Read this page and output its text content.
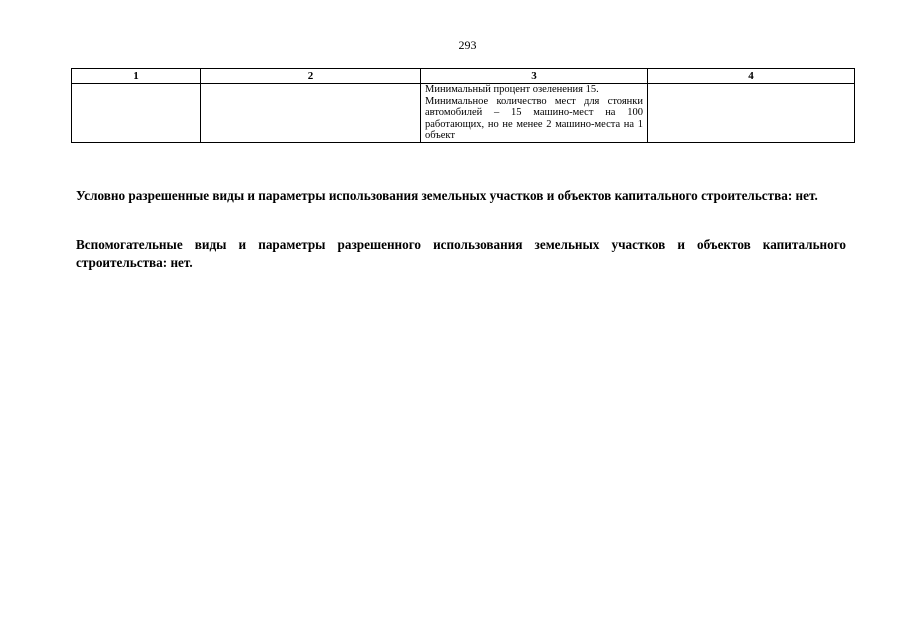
293
1	2	3	4

		Минимальный процент озеленения 15.
Минимальное количество мест для стоянки автомобилей – 15 машино-мест на 100 работающих, но не менее 2 машино-места на 1 объект	

Условно разрешенные виды и параметры использования земельных участков и объектов капитального строительства: нет.
Вспомогательные виды и параметры разрешенного использования земельных участков и объектов капитального строительства: нет.
